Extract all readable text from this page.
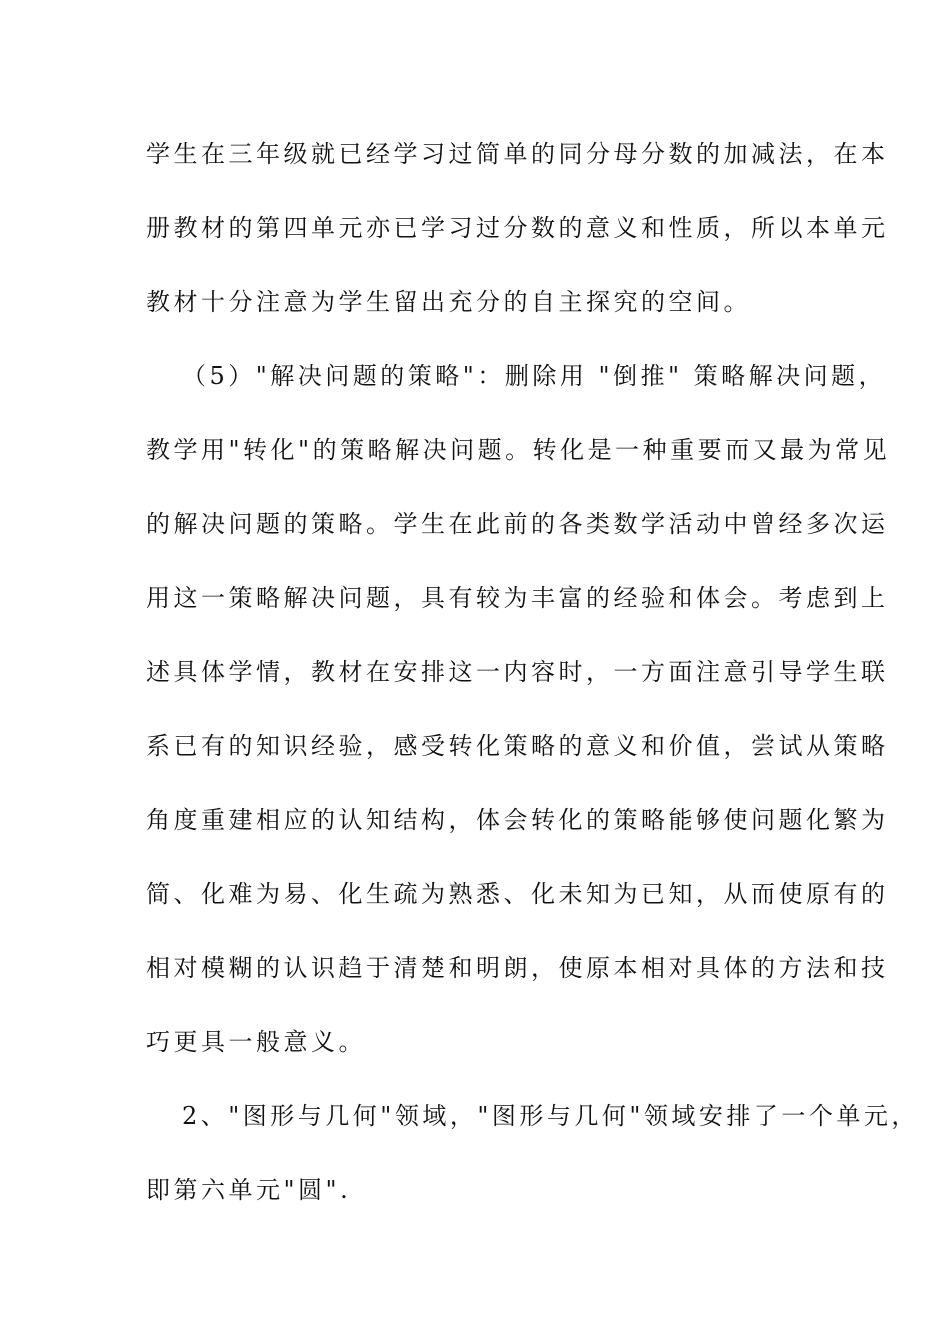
学生在三年级就已经学习过简单的同分母分数的加减法，在本
册教材的第四单元亦已学习过分数的意义和性质，所以本单元
教材十分注意为学生留出充分的自主探究的空间。
（5）"解决问题的策略"：删除用 "倒推" 策略解决问题，
教学用"转化"的策略解决问题。转化是一种重要而又最为常见
的解决问题的策略。学生在此前的各类数学活动中曾经多次运
用这一策略解决问题，具有较为丰富的经验和体会。考虑到上
述具体学情，教材在安排这一内容时，一方面注意引导学生联
系已有的知识经验，感受转化策略的意义和价值，尝试从策略
角度重建相应的认知结构，体会转化的策略能够使问题化繁为
简、化难为易、化生疏为熟悉、化未知为已知，从而使原有的
相对模糊的认识趋于清楚和明朗，使原本相对具体的方法和技
巧更具一般意义。
2、"图形与几何"领域，"图形与几何"领域安排了一个单元，
即第六单元"圆".
